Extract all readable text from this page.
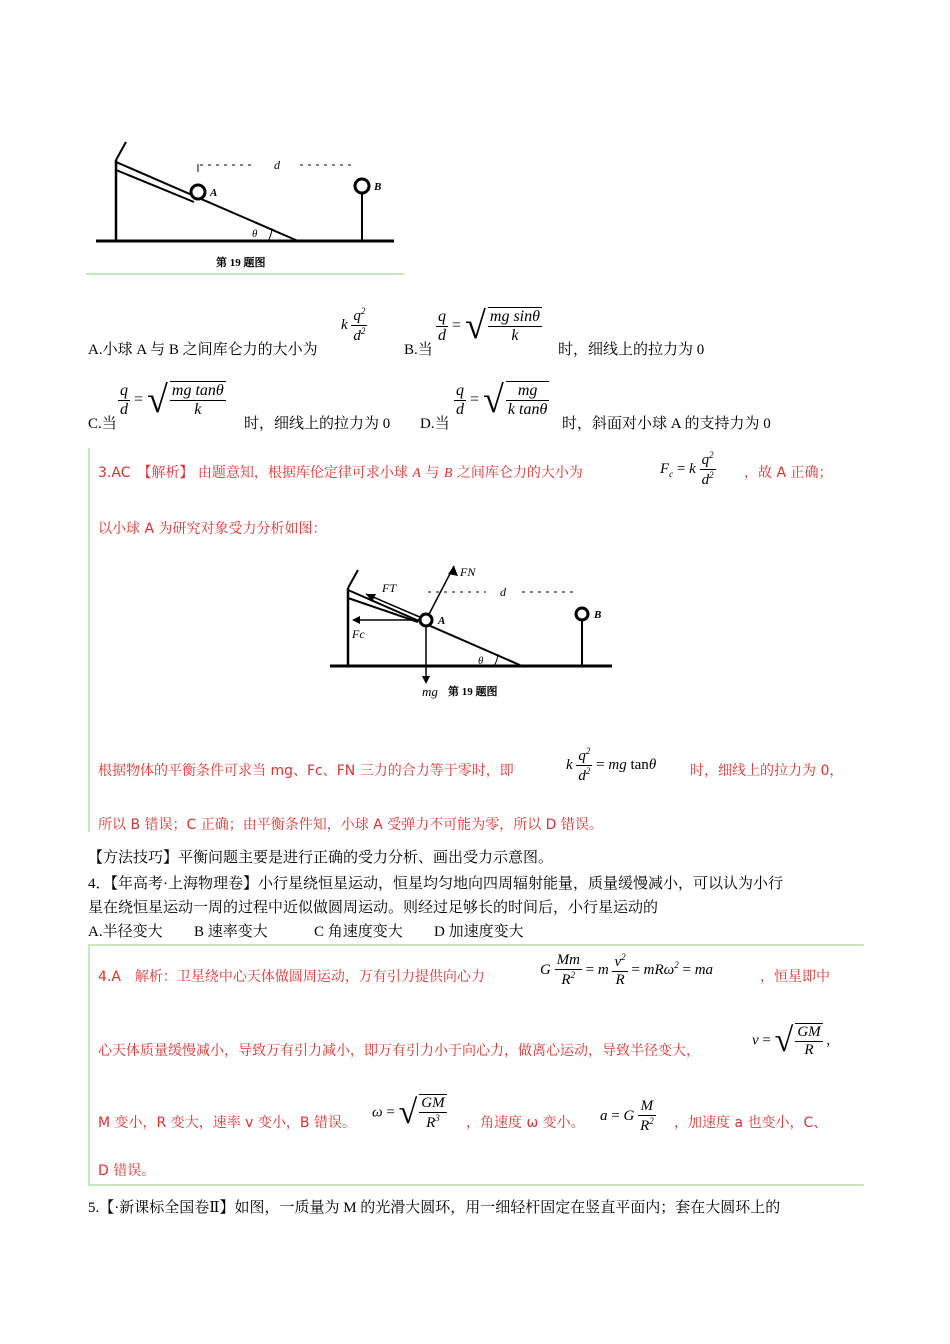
A	B
d
θ
第 19 题图
A.小球 A 与 B 之间库仑力的大小为
k $\frac{q^2}{d^2}$
B.当
$\frac{q}{d}$ = √ $\frac{\text{mg sinθ}}{k}$
时，细线上的拉力为 0
C.当
$\frac{q}{d}$ = √ $\frac{\text{mg tanθ}}{k}$
时，细线上的拉力为 0 D.当
$\frac{q}{d}$ = √ $\frac{mg}{\text{k tanθ}}$
时，斜面对小球 A 的支持力为 0
3.AC　【解析】 由题意知，根据库伦定律可求小球 A 与 B 之间库仑力的大小为	$F_c = k \frac{q^2}{d^2}$ ，故 A 正确；
以小球 A 为研究对象受力分析如图：
FT
FN
Fc
mg
A	B
d
θ
第 19 题图
根据物体的平衡条件可求当 mg、Fc、FN 三力的合力等于零时，即	k $\frac{q^2}{d^2}$ = mg tanθ 时，细线上的拉力为 0，
所以 B 错误；C 正确；由平衡条件知，小球 A 受弹力不可能为零，所以 D 错误。
【方法技巧】平衡问题主要是进行正确的受力分析、画出受力示意图。
4．【年高考·上海物理卷】小行星绕恒星运动，恒星均匀地向四周辐射能量，质量缓慢减小，可以认为小行
星在绕恒星运动一周的过程中近似做圆周运动。则经过足够长的时间后，小行星运动的
A.半径变大 B 速率变大	C 角速度变大 D 加速度变大
4.A　解析：卫星绕中心天体做圆周运动，万有引力提供向心力	G $\frac{Mm}{R^2} = m \frac{v^2}{R} = mR\omega^2$ = ma	，恒星即中
心天体质量缓慢减小，导致万有引力减小，即万有引力小于向心力，做离心运动，导致半径变大，
v = √ $\frac{GM}{R}$ ,
M 变小，R 变大，速率 v 变小，B 错误。
ω = √ $\frac{GM}{R^3}$ ，角速度 ω 变小。 a = G $\frac{M}{R^2}$ ，加速度 a 也变小，C、
D 错误。
5.【·新课标全国卷Ⅱ】如图，一质量为 M 的光滑大圆环，用一细轻杆固定在竖直平面内；套在大圆环上的
